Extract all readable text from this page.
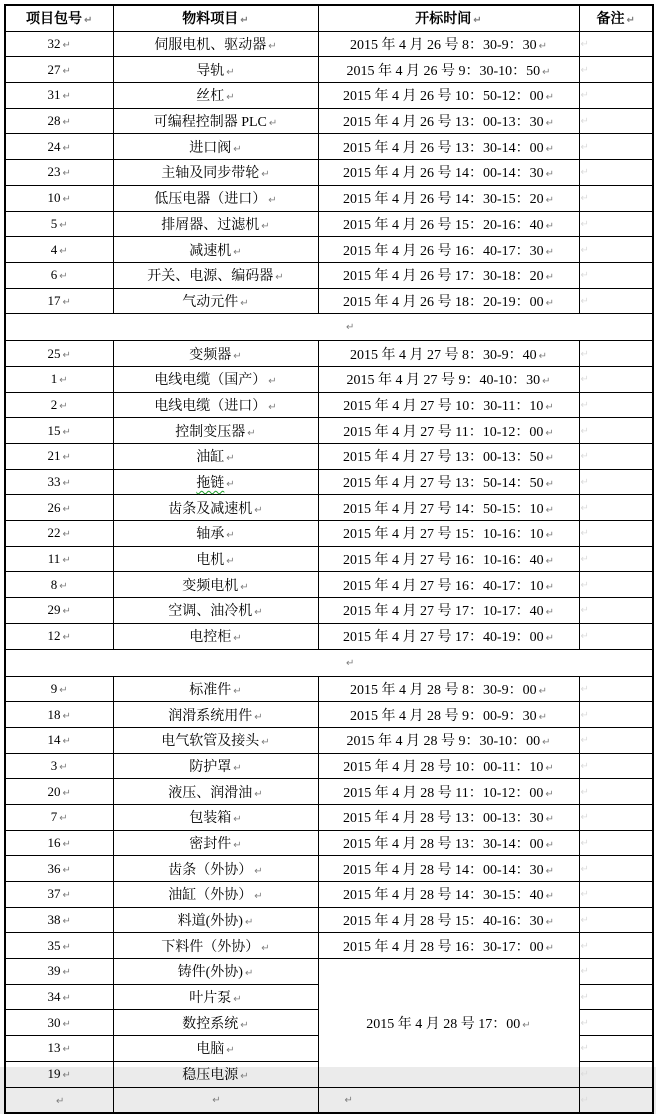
项目包号 ↵	物料项目 ↵	开标时间 ↵	备注 ↵
32 ↵	伺服电机、驱动器 ↵	2015 年 4 月 26 号 8：30-9：30 ↵	↵
27 ↵	导轨 ↵	2015 年 4 月 26 号 9：30-10：50 ↵	↵
31 ↵	丝杠 ↵	2015 年 4 月 26 号 10：50-12：00 ↵	↵
28 ↵	可编程控制器 PLC ↵	2015 年 4 月 26 号 13：00-13：30 ↵	↵
24 ↵	进口阀 ↵	2015 年 4 月 26 号 13：30-14：00 ↵	↵
23 ↵	主轴及同步带轮 ↵	2015 年 4 月 26 号 14：00-14：30 ↵	↵
10 ↵	低压电器（进口） ↵	2015 年 4 月 26 号 14：30-15：20 ↵	↵
5 ↵	排屑器、过滤机 ↵	2015 年 4 月 26 号 15：20-16：40 ↵	↵
4 ↵	减速机 ↵	2015 年 4 月 26 号 16：40-17：30 ↵	↵
6 ↵	开关、电源、编码器 ↵	2015 年 4 月 26 号 17：30-18：20 ↵	↵
17 ↵	气动元件 ↵	2015 年 4 月 26 号 18：20-19：00 ↵	↵
↵			
25 ↵	变频器 ↵	2015 年 4 月 27 号 8：30-9：40 ↵	↵
1 ↵	电线电缆（国产） ↵	2015 年 4 月 27 号 9：40-10：30 ↵	↵
2 ↵	电线电缆（进口） ↵	2015 年 4 月 27 号 10：30-11：10 ↵	↵
15 ↵	控制变压器 ↵	2015 年 4 月 27 号 11：10-12：00 ↵	↵
21 ↵	油缸 ↵	2015 年 4 月 27 号 13：00-13：50 ↵	↵
33 ↵	拖链 ↵	2015 年 4 月 27 号 13：50-14：50 ↵	↵
26 ↵	齿条及减速机 ↵	2015 年 4 月 27 号 14：50-15：10 ↵	↵
22 ↵	轴承 ↵	2015 年 4 月 27 号 15：10-16：10 ↵	↵
11 ↵	电机 ↵	2015 年 4 月 27 号 16：10-16：40 ↵	↵
8 ↵	变频电机 ↵	2015 年 4 月 27 号 16：40-17：10 ↵	↵
29 ↵	空调、油冷机 ↵	2015 年 4 月 27 号 17：10-17：40 ↵	↵
12 ↵	电控柜 ↵	2015 年 4 月 27 号 17：40-19：00 ↵	↵
↵			
9 ↵	标准件 ↵	2015 年 4 月 28 号 8：30-9：00 ↵	↵
18 ↵	润滑系统用件 ↵	2015 年 4 月 28 号 9：00-9：30 ↵	↵
14 ↵	电气软管及接头 ↵	2015 年 4 月 28 号 9：30-10：00 ↵	↵
3 ↵	防护罩 ↵	2015 年 4 月 28 号 10：00-11：10 ↵	↵
20 ↵	液压、润滑油 ↵	2015 年 4 月 28 号 11：10-12：00 ↵	↵
7 ↵	包装箱 ↵	2015 年 4 月 28 号 13：00-13：30 ↵	↵
16 ↵	密封件 ↵	2015 年 4 月 28 号 13：30-14：00 ↵	↵
36 ↵	齿条（外协） ↵	2015 年 4 月 28 号 14：00-14：30 ↵	↵
37 ↵	油缸（外协） ↵	2015 年 4 月 28 号 14：30-15：40 ↵	↵
38 ↵	料道(外协) ↵	2015 年 4 月 28 号 15：40-16：30 ↵	↵
35 ↵	下料件（外协） ↵	2015 年 4 月 28 号 16：30-17：00 ↵	↵
39 ↵	铸件(外协) ↵	2015 年 4 月 28 号 17：00 ↵	↵
34 ↵	叶片泵 ↵		↵
30 ↵	数控系统 ↵		↵
13 ↵	电脑 ↵		↵
19 ↵	稳压电源 ↵		↵
↵	↵	↵	↵
